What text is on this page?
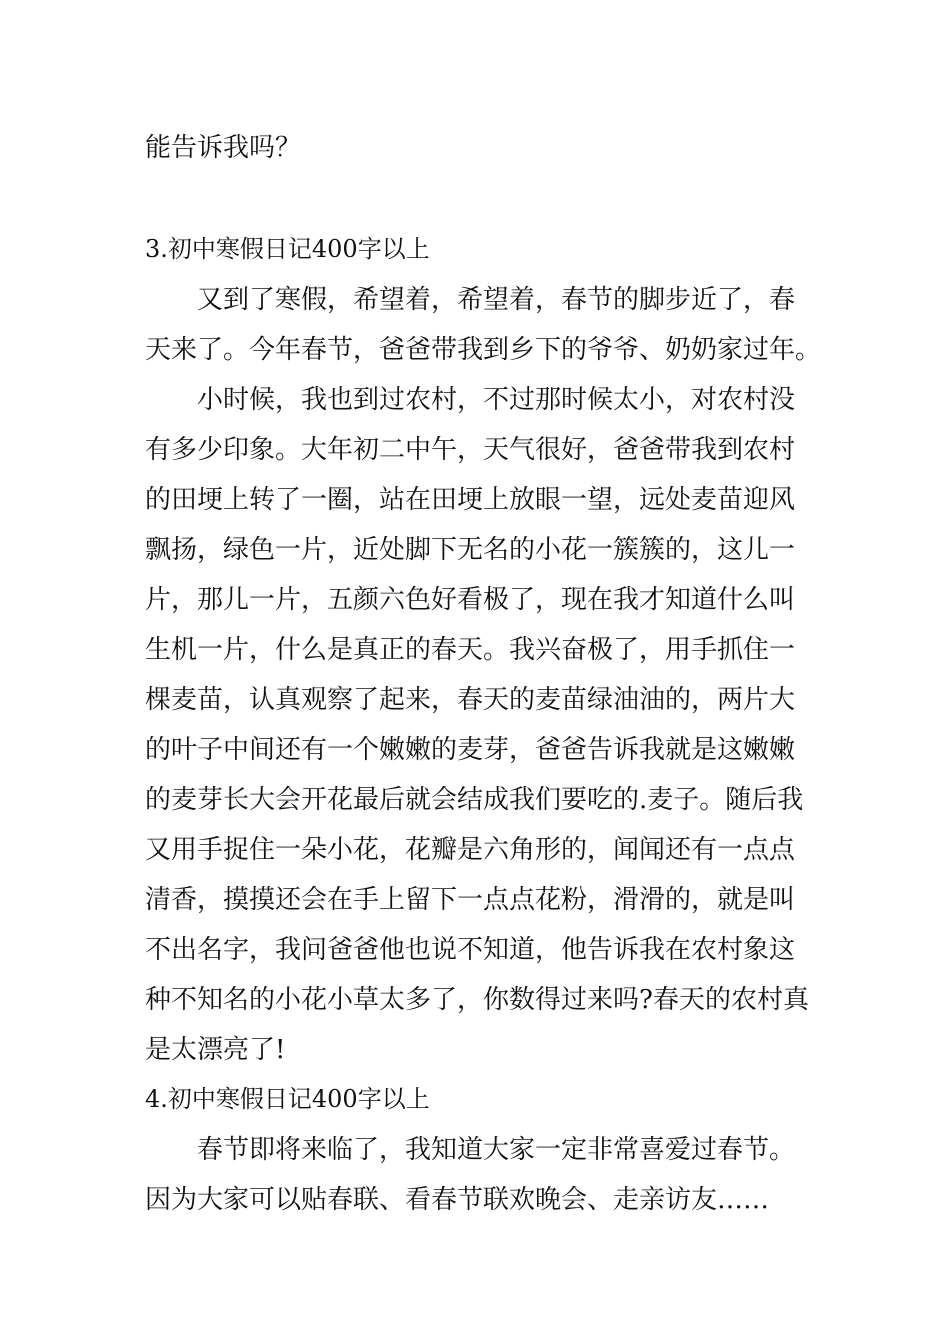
能告诉我吗？

3.初中寒假日记400字以上

又到了寒假，希望着，希望着，春节的脚步近了，春

天来了。今年春节，爸爸带我到乡下的爷爷、奶奶家过年。

小时候，我也到过农村，不过那时候太小，对农村没

有多少印象。大年初二中午，天气很好，爸爸带我到农村

的田埂上转了一圈，站在田埂上放眼一望，远处麦苗迎风

飘扬，绿色一片，近处脚下无名的小花一簇簇的，这儿一

片，那儿一片，五颜六色好看极了，现在我才知道什么叫

生机一片，什么是真正的春天。我兴奋极了，用手抓住一

棵麦苗，认真观察了起来，春天的麦苗绿油油的，两片大

的叶子中间还有一个嫩嫩的麦芽，爸爸告诉我就是这嫩嫩

的麦芽长大会开花最后就会结成我们要吃的.麦子。随后我

又用手捉住一朵小花，花瓣是六角形的，闻闻还有一点点

清香，摸摸还会在手上留下一点点花粉，滑滑的，就是叫

不出名字，我问爸爸他也说不知道，他告诉我在农村象这

种不知名的小花小草太多了，你数得过来吗?春天的农村真

是太漂亮了!

4.初中寒假日记400字以上

春节即将来临了，我知道大家一定非常喜爱过春节。

因为大家可以贴春联、看春节联欢晚会、走亲访友……
